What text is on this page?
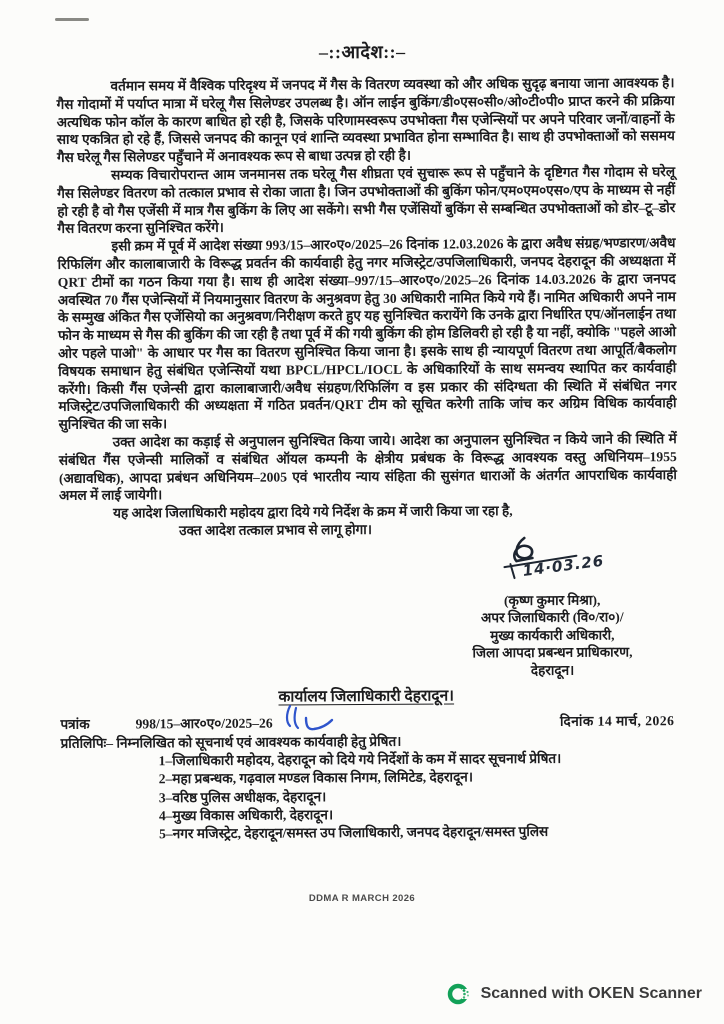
–::आदेश::–

वर्तमान समय में वैश्विक परिदृश्य में जनपद में गैस के वितरण व्यवस्था को और अधिक सुदृढ़ बनाया जाना आवश्यक है। गैस गोदामों में पर्याप्त मात्रा में घरेलू गैस सिलेण्डर उपलब्ध है। ऑन लाईन बुकिंग/डी०एस०सी०/ओ०टी०पी० प्राप्त करने की प्रक्रिया अत्यधिक फोन कॉल के कारण बाधित हो रही है, जिसके परिणामस्वरूप उपभोक्ता गैस एजेन्सियों पर अपने परिवार जनों/वाहनों के साथ एकत्रित हो रहे हैं, जिससे जनपद की कानून एवं शान्ति व्यवस्था प्रभावित होना सम्भावित है। साथ ही उपभोक्ताओं को ससमय गैस घरेलू गैस सिलेण्डर पहुँचाने में अनावश्यक रूप से बाधा उत्पन्न हो रही है।

सम्यक विचारोपरान्त आम जनमानस तक घरेलू गैस शीघ्रता एवं सुचारू रूप से पहुँचाने के दृष्टिगत गैस गोदाम से घरेलू गैस सिलेण्डर वितरण को तत्काल प्रभाव से रोका जाता है। जिन उपभोक्ताओं की बुकिंग फोन/एम०एम०एस०/एप के माध्यम से नहीं हो रही है वो गैस एजेंसी में मात्र गैस बुकिंग के लिए आ सकेंगे। सभी गैस एजेंसियों बुकिंग से सम्बन्धित उपभोक्ताओं को डोर–टू–डोर गैस वितरण करना सुनिश्चित करेंगे।

इसी क्रम में पूर्व में आदेश संख्या 993/15–आर०ए०/2025–26 दिनांक 12.03.2026 के द्वारा अवैध संग्रह/भण्डारण/अवैध रिफिलिंग और कालाबाजारी के विरूद्ध प्रवर्तन की कार्यवाही हेतु नगर मजिस्ट्रेट/उपजिलाधिकारी, जनपद देहरादून की अध्यक्षता में QRT टीमों का गठन किया गया है। साथ ही आदेश संख्या–997/15–आर०ए०/2025–26 दिनांक 14.03.2026 के द्वारा जनपद अवस्थित 70 गैंस एजेन्सियों में नियमानुसार वितरण के अनुश्रवण हेतु 30 अधिकारी नामित किये गये हैं। नामित अधिकारी अपने नाम के सम्मुख अंकित गैस एजेंसियो का अनुश्रवण/निरीक्षण करते हुए यह सुनिश्चित करायेंगे कि उनके द्वारा निर्धारित एप/ऑनलाईन तथा फोन के माध्यम से गैस की बुकिंग की जा रही है तथा पूर्व में की गयी बुकिंग की होम डिलिवरी हो रही है या नहीं, क्योकि "पहले आओ ओर पहले पाओ" के आधार पर गैस का वितरण सुनिश्चित किया जाना है। इसके साथ ही न्यायपूर्ण वितरण तथा आपूर्ति/बैकलोग विषयक समाधान हेतु संबंधित एजेन्सियों यथा BPCL/HPCL/IOCL के अधिकारियों के साथ समन्वय स्थापित कर कार्यवाही करेंगी। किसी गैंस एजेन्सी द्वारा कालाबाजारी/अवैध संग्रहण/रिफिलिंग व इस प्रकार की संदिग्धता की स्थिति में संबंधित नगर मजिस्ट्रेट/उपजिलाधिकारी की अध्यक्षता में गठित प्रवर्तन/QRT टीम को सूचित करेगी ताकि जांच कर अग्रिम विधिक कार्यवाही सुनिश्चित की जा सके।

उक्त आदेश का कड़ाई से अनुपालन सुनिश्चित किया जाये। आदेश का अनुपालन सुनिश्चित न किये जाने की स्थिति में संबंधित गैंस एजेन्सी मालिकों व संबंधित ऑयल कम्पनी के क्षेत्रीय प्रबंधक के विरूद्ध आवश्यक वस्तु अधिनियम–1955 (अद्यावधिक), आपदा प्रबंधन अधिनियम–2005 एवं भारतीय न्याय संहिता की सुसंगत धाराओं के अंतर्गत आपराधिक कार्यवाही अमल में लाई जायेगी।

यह आदेश जिलाधिकारी महोदय द्वारा दिये गये निर्देश के क्रम में जारी किया जा रहा है,

उक्त आदेश तत्काल प्रभाव से लागू होगा।

14·03.26
(कृष्ण कुमार मिश्रा),
अपर जिलाधिकारी (वि०/रा०)/
मुख्य कार्यकारी अधिकारी,
जिला आपदा प्रबन्धन प्राधिकारण,
देहरादून।
कार्यालय जिलाधिकारी देहरादून।
पत्रांक	998/15–आर०ए०/2025–26	दिनांक 14 मार्च, 2026

प्रतिलिपिः– निम्नलिखित को सूचनार्थ एवं आवश्यक कार्यवाही हेतु प्रेषित।

1–जिलाधिकारी महोदय, देहरादून को दिये गये निर्देशों के कम में सादर सूचनार्थ प्रेषित।
2–महा प्रबन्धक, गढ़वाल मण्डल विकास निगम, लिमिटेड, देहरादून।
3–वरिष्ठ पुलिस अधीक्षक, देहरादून।
4–मुख्य विकास अधिकारी, देहरादून।
5–नगर मजिस्ट्रेट, देहरादून/समस्त उप जिलाधिकारी, जनपद देहरादून/समस्त पुलिस
DDMA R MARCH 2026
Scanned with OKEN Scanner
